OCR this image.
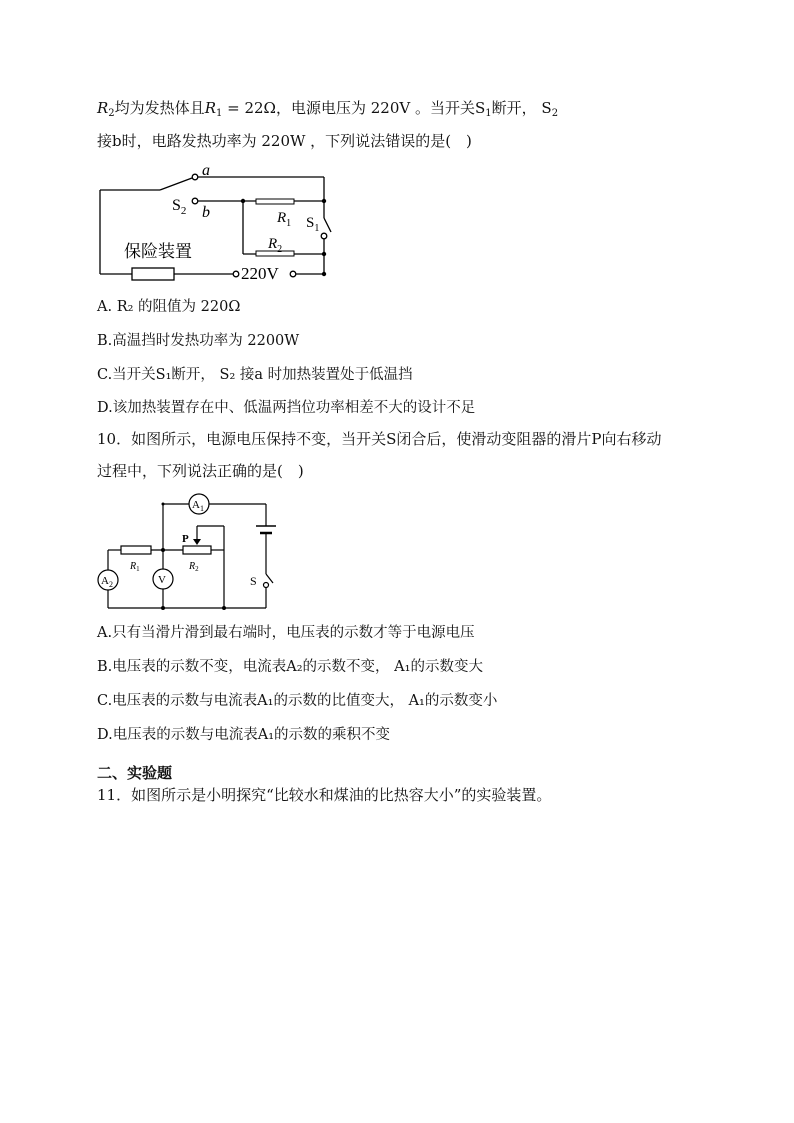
$R_2$均为发热体且$R_1 = 22\Omega$，电源电压为 220V 。当开关$S_1$断开， $S_2$
接b时，电路发热功率为 220W ，下列说法错误的是(　)
a
b
$S_2$	$R_1$ $S_1$
$R_2$
保险装置
220V
A. R₂ 的阻值为 220Ω
B.高温挡时发热功率为 2200W
C.当开关S₁断开， S₂ 接a 时加热装置处于低温挡
D.该加热装置存在中、低温两挡位功率相差不大的设计不足
10．如图所示，电源电压保持不变，当开关S闭合后，使滑动变阻器的滑片P向右移动
过程中，下列说法正确的是(　)
$A_1$
$A_2$	V
$R_1$	$R_2$
P
S
A.只有当滑片滑到最右端时，电压表的示数才等于电源电压
B.电压表的示数不变，电流表A₂的示数不变， A₁的示数变大
C.电压表的示数与电流表A₁的示数的比值变大， A₁的示数变小
D.电压表的示数与电流表A₁的示数的乘积不变
二、实验题
11．如图所示是小明探究“比较水和煤油的比热容大小”的实验装置。
